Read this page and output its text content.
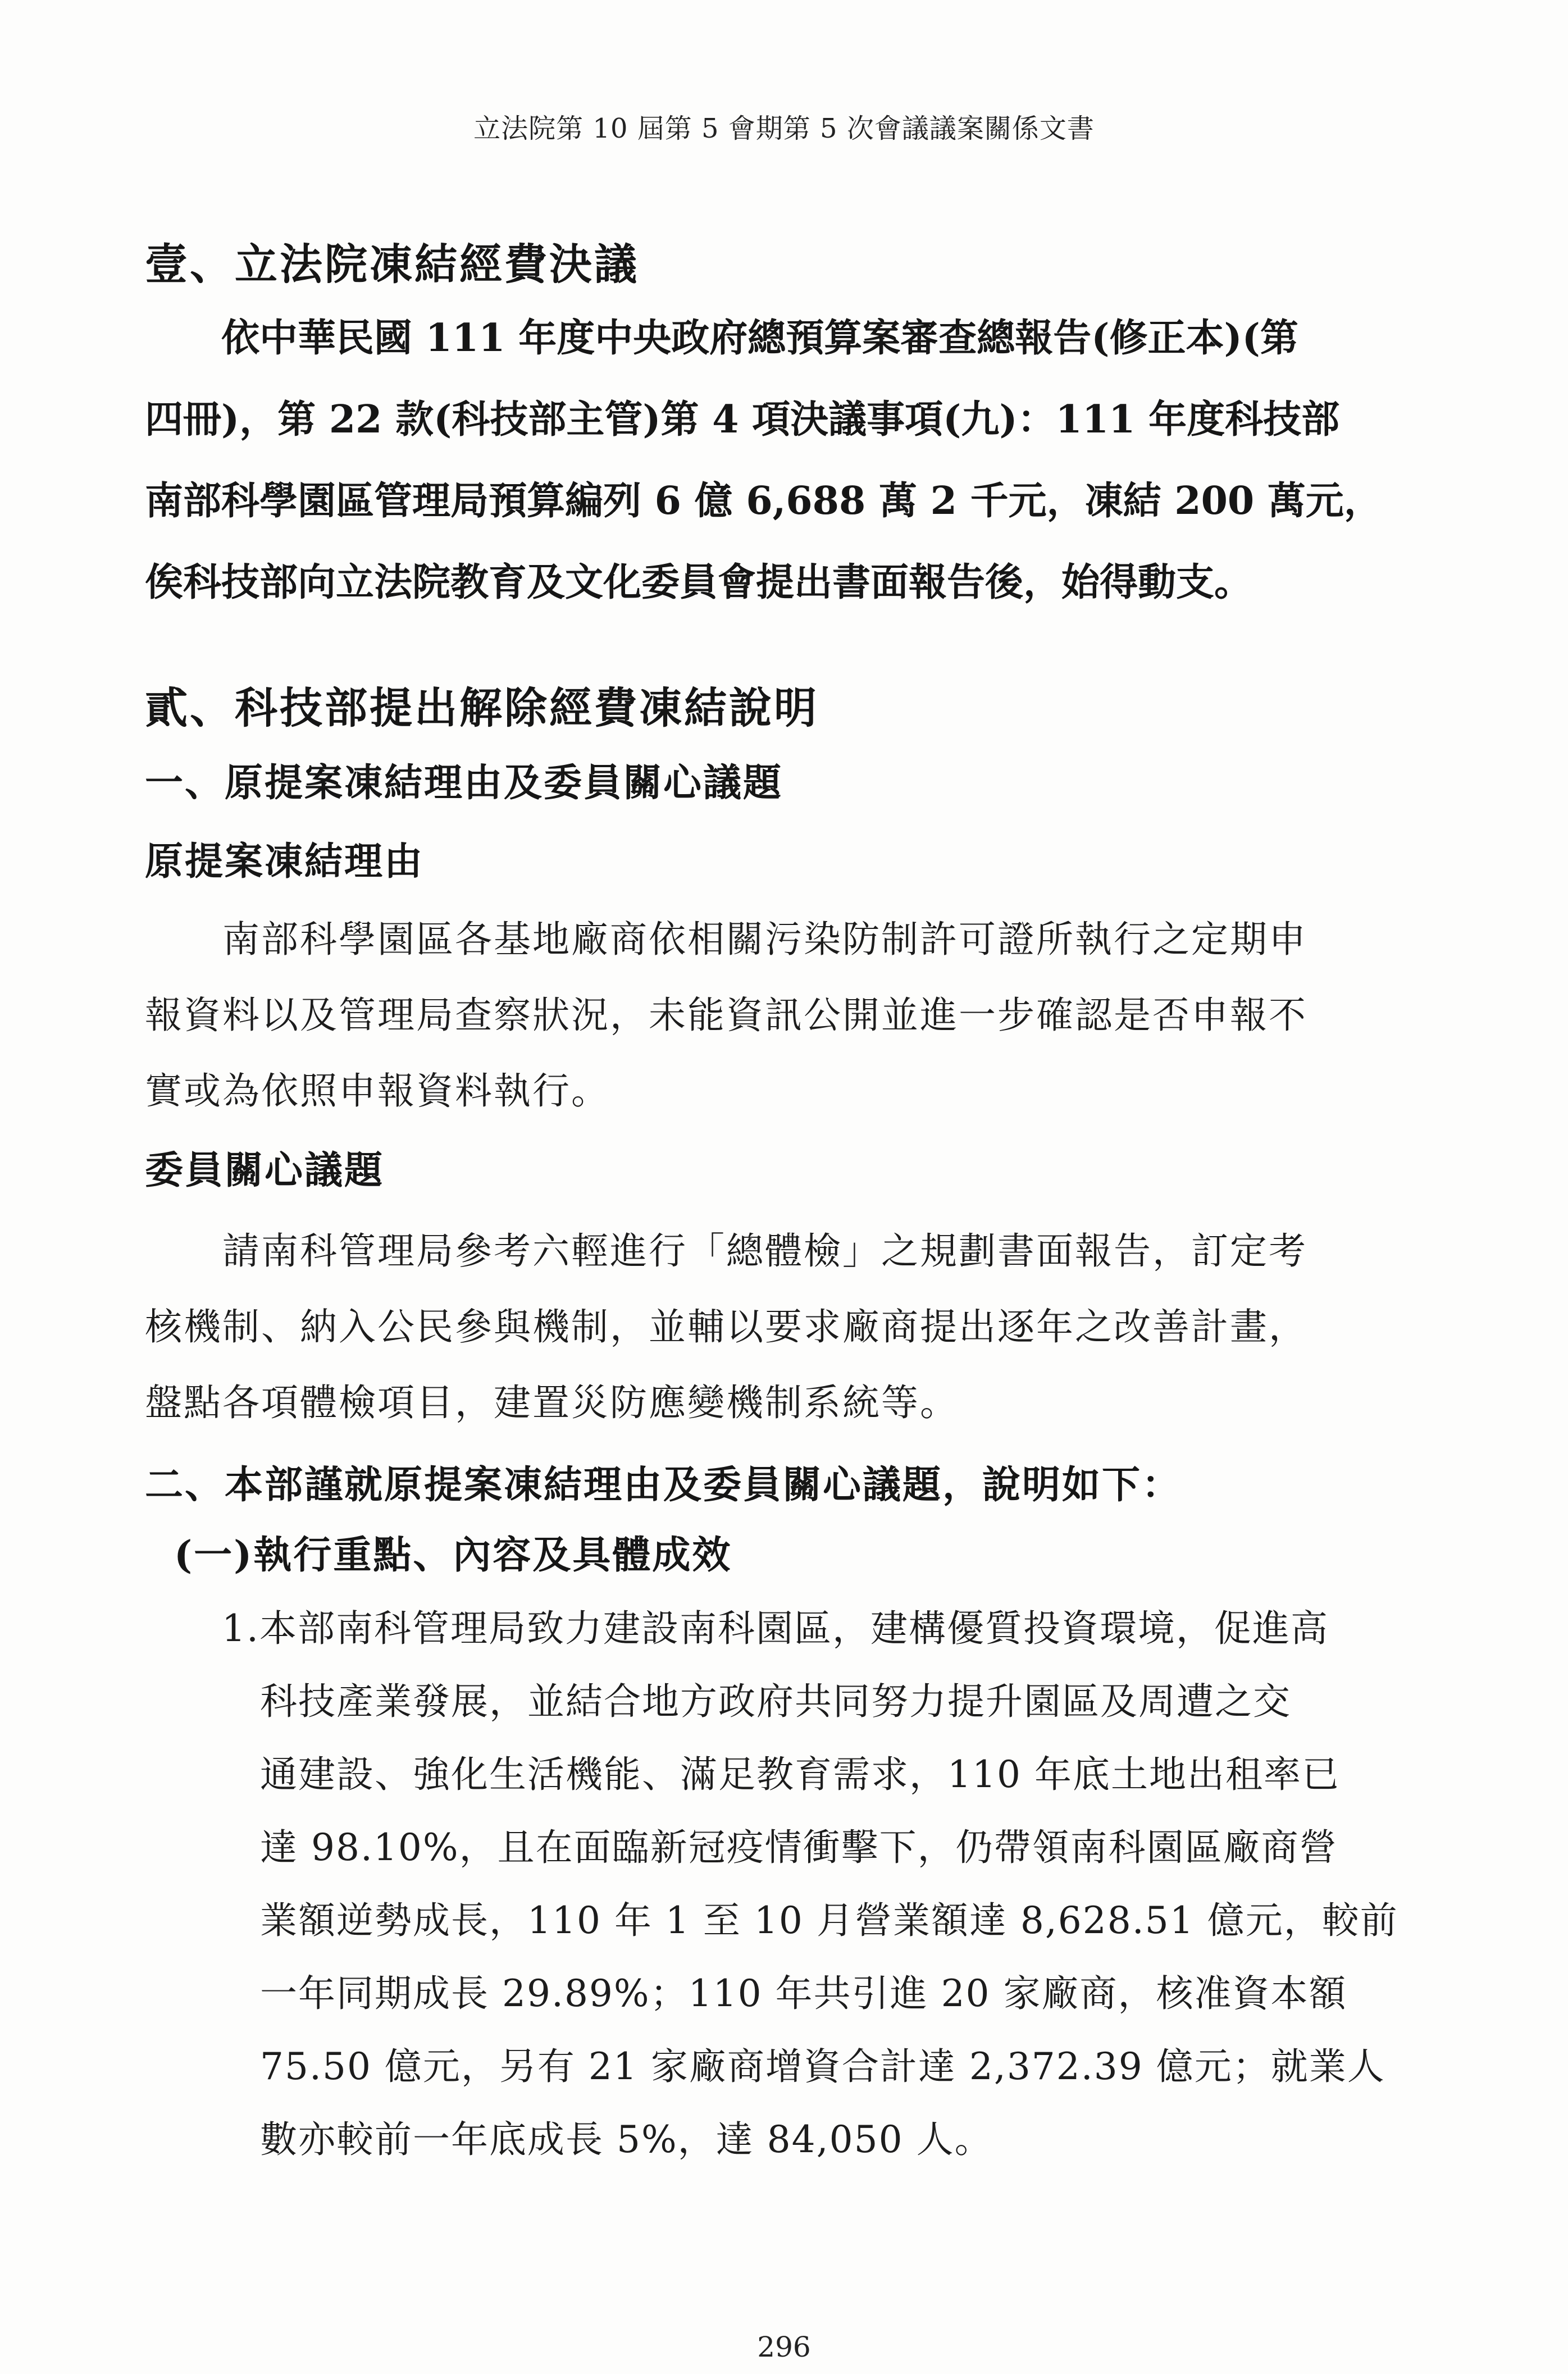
立法院第 10 屆第 5 會期第 5 次會議議案關係文書
壹、立法院凍結經費決議
　　依中華民國 111 年度中央政府總預算案審查總報告(修正本)(第
四冊)，第 22 款(科技部主管)第 4 項決議事項(九)：111 年度科技部
南部科學園區管理局預算編列 6 億 6,688 萬 2 千元，凍結 200 萬元，
俟科技部向立法院教育及文化委員會提出書面報告後，始得動支。
貳、科技部提出解除經費凍結說明
一、原提案凍結理由及委員關心議題
原提案凍結理由
　　南部科學園區各基地廠商依相關污染防制許可證所執行之定期申
報資料以及管理局查察狀況，未能資訊公開並進一步確認是否申報不
實或為依照申報資料執行。
委員關心議題
　　請南科管理局參考六輕進行「總體檢」之規劃書面報告，訂定考
核機制、納入公民參與機制，並輔以要求廠商提出逐年之改善計畫，
盤點各項體檢項目，建置災防應變機制系統等。
二、本部謹就原提案凍結理由及委員關心議題，說明如下：
(一)執行重點、內容及具體成效
1.本部南科管理局致力建設南科園區，建構優質投資環境，促進高
　科技產業發展，並結合地方政府共同努力提升園區及周遭之交
　通建設、強化生活機能、滿足教育需求，110 年底土地出租率已
　達 98.10%，且在面臨新冠疫情衝擊下，仍帶領南科園區廠商營
　業額逆勢成長，110 年 1 至 10 月營業額達 8,628.51 億元，較前
　一年同期成長 29.89%；110 年共引進 20 家廠商，核准資本額
　75.50 億元，另有 21 家廠商增資合計達 2,372.39 億元；就業人
　數亦較前一年底成長 5%，達 84,050 人。
296
